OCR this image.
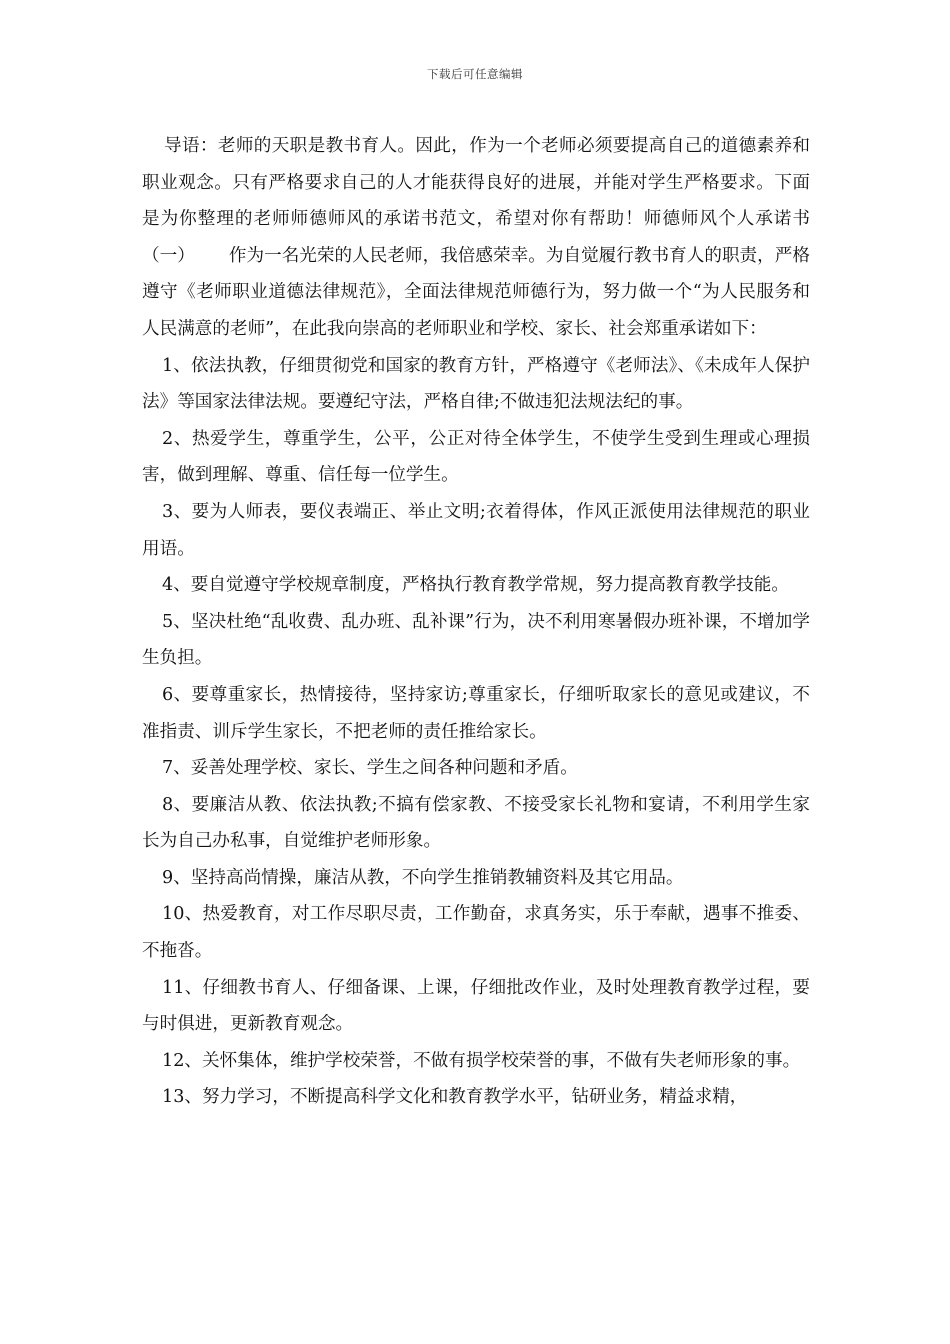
下载后可任意编辑

导语：老师的天职是教书育人。因此，作为一个老师必须要提高自己的道德素养和职业观念。只有严格要求自己的人才能获得良好的进展，并能对学生严格要求。下面是为你整理的老师师德师风的承诺书范文，希望对你有帮助！师德师风个人承诺书（一） 作为一名光荣的人民老师，我倍感荣幸。为自觉履行教书育人的职责，严格遵守《老师职业道德法律规范》，全面法律规范师德行为，努力做一个“为人民服务和人民满意的老师”，在此我向崇高的老师职业和学校、家长、社会郑重承诺如下：

1、依法执教，仔细贯彻党和国家的教育方针，严格遵守《老师法》、《未成年人保护法》等国家法律法规。要遵纪守法，严格自律;不做违犯法规法纪的事。

2、热爱学生，尊重学生，公平，公正对待全体学生，不使学生受到生理或心理损害，做到理解、尊重、信任每一位学生。

3、要为人师表，要仪表端正、举止文明;衣着得体，作风正派使用法律规范的职业用语。

4、要自觉遵守学校规章制度，严格执行教育教学常规，努力提高教育教学技能。

5、坚决杜绝“乱收费、乱办班、乱补课”行为，决不利用寒暑假办班补课，不增加学生负担。

6、要尊重家长，热情接待，坚持家访;尊重家长，仔细听取家长的意见或建议，不准指责、训斥学生家长，不把老师的责任推给家长。

7、妥善处理学校、家长、学生之间各种问题和矛盾。

8、要廉洁从教、依法执教;不搞有偿家教、不接受家长礼物和宴请，不利用学生家长为自己办私事，自觉维护老师形象。

9、坚持高尚情操，廉洁从教，不向学生推销教辅资料及其它用品。

10、热爱教育，对工作尽职尽责，工作勤奋，求真务实，乐于奉献，遇事不推委、不拖沓。

11、仔细教书育人、仔细备课、上课，仔细批改作业，及时处理教育教学过程，要与时俱进，更新教育观念。

12、关怀集体，维护学校荣誉，不做有损学校荣誉的事，不做有失老师形象的事。

13、努力学习，不断提高科学文化和教育教学水平，钻研业务，精益求精，
